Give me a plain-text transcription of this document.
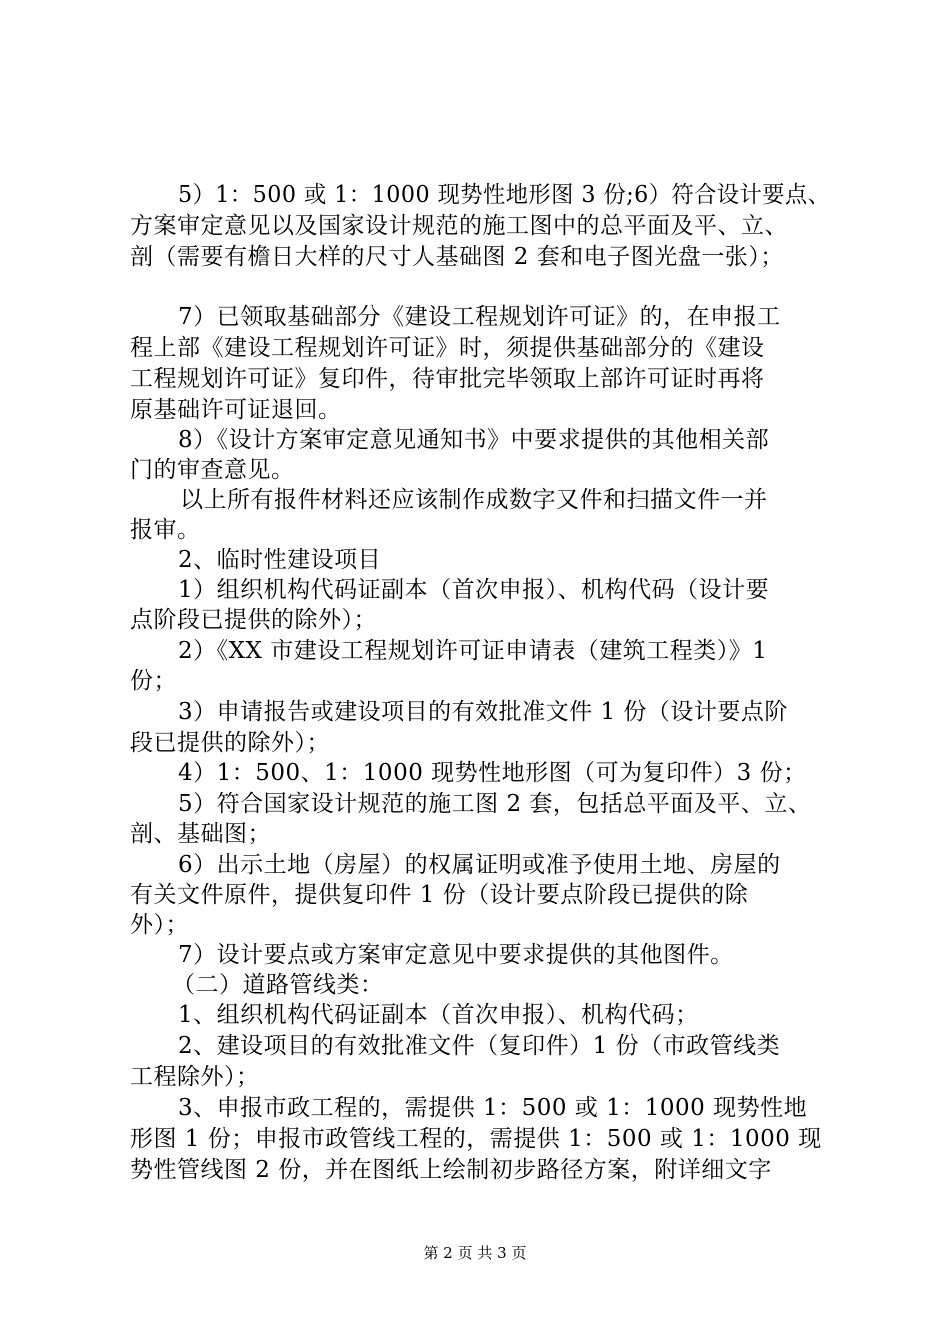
5）1：500 或 1：1000 现势性地形图 3 份;6）符合设计要点、
方案审定意见以及国家设计规范的施工图中的总平面及平、立、
剖（需要有檐日大样的尺寸人基础图 2 套和电子图光盘一张）；
7）已领取基础部分《建设工程规划许可证》的，在申报工
程上部《建设工程规划许可证》时，须提供基础部分的《建设
工程规划许可证》复印件，待审批完毕领取上部许可证时再将
原基础许可证退回。
8）《设计方案审定意见通知书》中要求提供的其他相关部
门的审查意见。
以上所有报件材料还应该制作成数字又件和扫描文件一并
报审。
2、临时性建设项目
1）组织机构代码证副本（首次申报）、机构代码（设计要
点阶段已提供的除外）；
2）《XX 市建设工程规划许可证申请表（建筑工程类）》1
份；
3）申请报告或建设项目的有效批准文件 1 份（设计要点阶
段已提供的除外）；
4）1：500、1：1000 现势性地形图（可为复印件）3 份；
5）符合国家设计规范的施工图 2 套，包括总平面及平、立、
剖、基础图；
6）出示土地（房屋）的权属证明或准予使用土地、房屋的
有关文件原件，提供复印件 1 份（设计要点阶段已提供的除
外）；
7）设计要点或方案审定意见中要求提供的其他图件。
（二）道路管线类：
1、组织机构代码证副本（首次申报）、机构代码；
2、建设项目的有效批准文件（复印件）1 份（市政管线类
工程除外）；
3、申报市政工程的，需提供 1：500 或 1：1000 现势性地
形图 1 份；申报市政管线工程的，需提供 1：500 或 1：1000 现
势性管线图 2 份，并在图纸上绘制初步路径方案，附详细文字
第 2 页 共 3 页
